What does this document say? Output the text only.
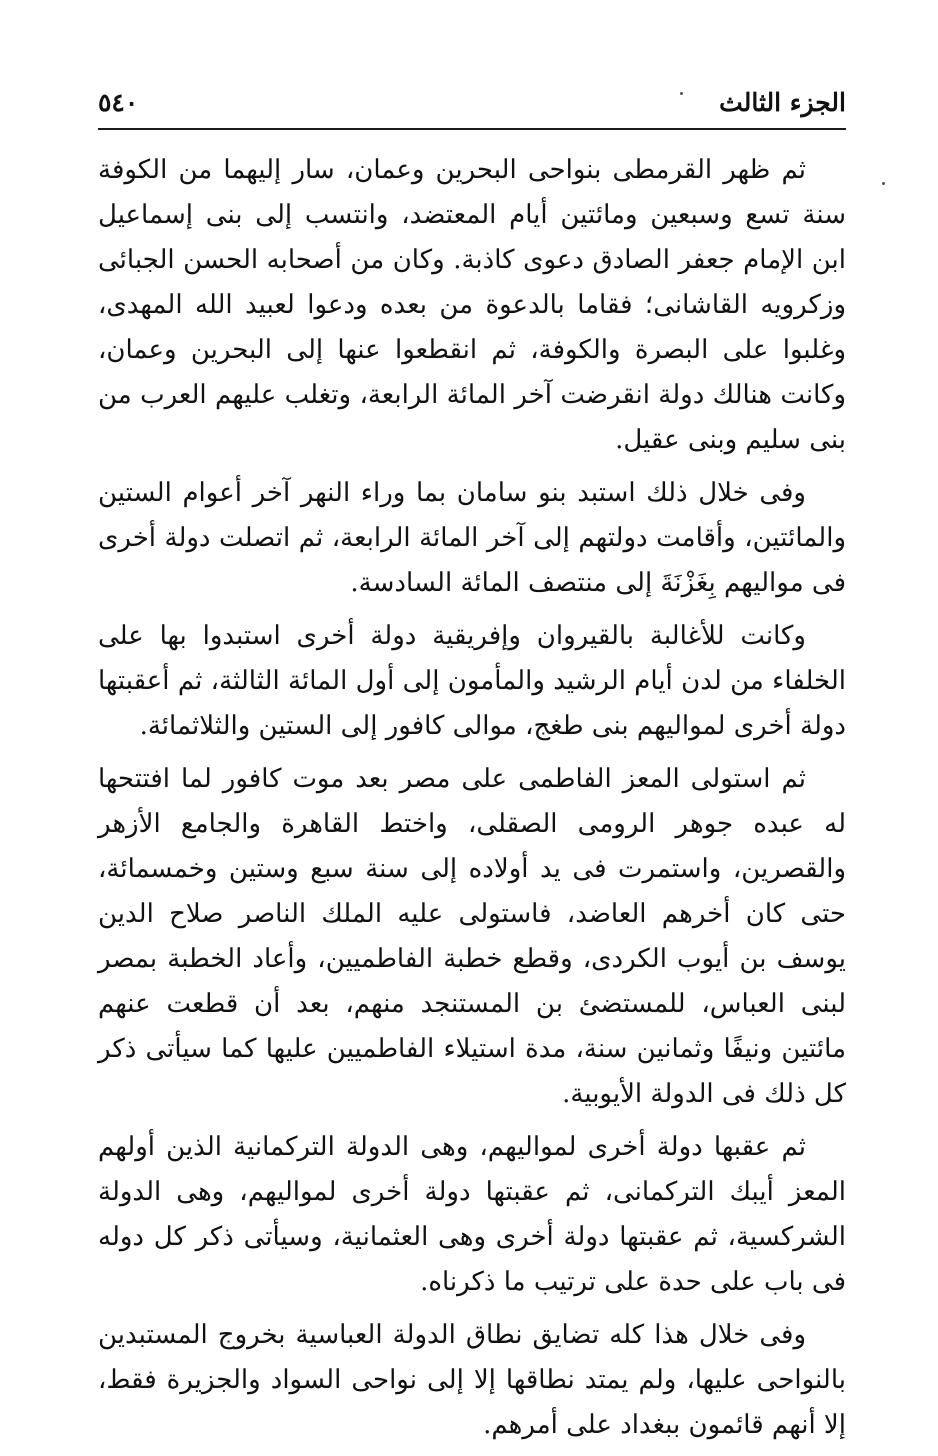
الجزء الثالث
٥٤٠

ثم ظهر القرمطى بنواحى البحرين وعمان، سار إليهما من الكوفة سنة تسع وسبعين ومائتين أيام المعتضد، وانتسب إلى بنى إسماعيل ابن الإمام جعفر الصادق دعوى كاذبة. وكان من أصحابه الحسن الجبائى وزكرويه القاشانى؛ فقاما بالدعوة من بعده ودعوا لعبيد الله المهدى، وغلبوا على البصرة والكوفة، ثم انقطعوا عنها إلى البحرين وعمان، وكانت هنالك دولة انقرضت آخر المائة الرابعة، وتغلب عليهم العرب من بنى سليم وبنى عقيل.

وفى خلال ذلك استبد بنو سامان بما وراء النهر آخر أعوام الستين والمائتين، وأقامت دولتهم إلى آخر المائة الرابعة، ثم اتصلت دولة أخرى فى مواليهم بِغَزْنَةَ إلى منتصف المائة السادسة.

وكانت للأغالبة بالقيروان وإفريقية دولة أخرى استبدوا بها على الخلفاء من لدن أيام الرشيد والمأمون إلى أول المائة الثالثة، ثم أعقبتها دولة أخرى لمواليهم بنى طغج، موالى كافور إلى الستين والثلاثمائة.

ثم استولى المعز الفاطمى على مصر بعد موت كافور لما افتتحها له عبده جوهر الرومى الصقلى، واختط القاهرة والجامع الأزهر والقصرين، واستمرت فى يد أولاده إلى سنة سبع وستين وخمسمائة، حتى كان أخرهم العاضد، فاستولى عليه الملك الناصر صلاح الدين يوسف بن أيوب الكردى، وقطع خطبة الفاطميين، وأعاد الخطبة بمصر لبنى العباس، للمستضئ بن المستنجد منهم، بعد أن قطعت عنهم مائتين ونيفًا وثمانين سنة، مدة استيلاء الفاطميين عليها كما سيأتى ذكر كل ذلك فى الدولة الأيوبية.

ثم عقبها دولة أخرى لمواليهم، وهى الدولة التركمانية الذين أولهم المعز أيبك التركمانى، ثم عقبتها دولة أخرى لمواليهم، وهى الدولة الشركسية، ثم عقبتها دولة أخرى وهى العثمانية، وسيأتى ذكر كل دوله فى باب على حدة على ترتيب ما ذكرناه.

وفى خلال هذا كله تضايق نطاق الدولة العباسية بخروج المستبدين بالنواحى عليها، ولم يمتد نطاقها إلا إلى نواحى السواد والجزيرة فقط، إلا أنهم قائمون ببغداد على أمرهم.
